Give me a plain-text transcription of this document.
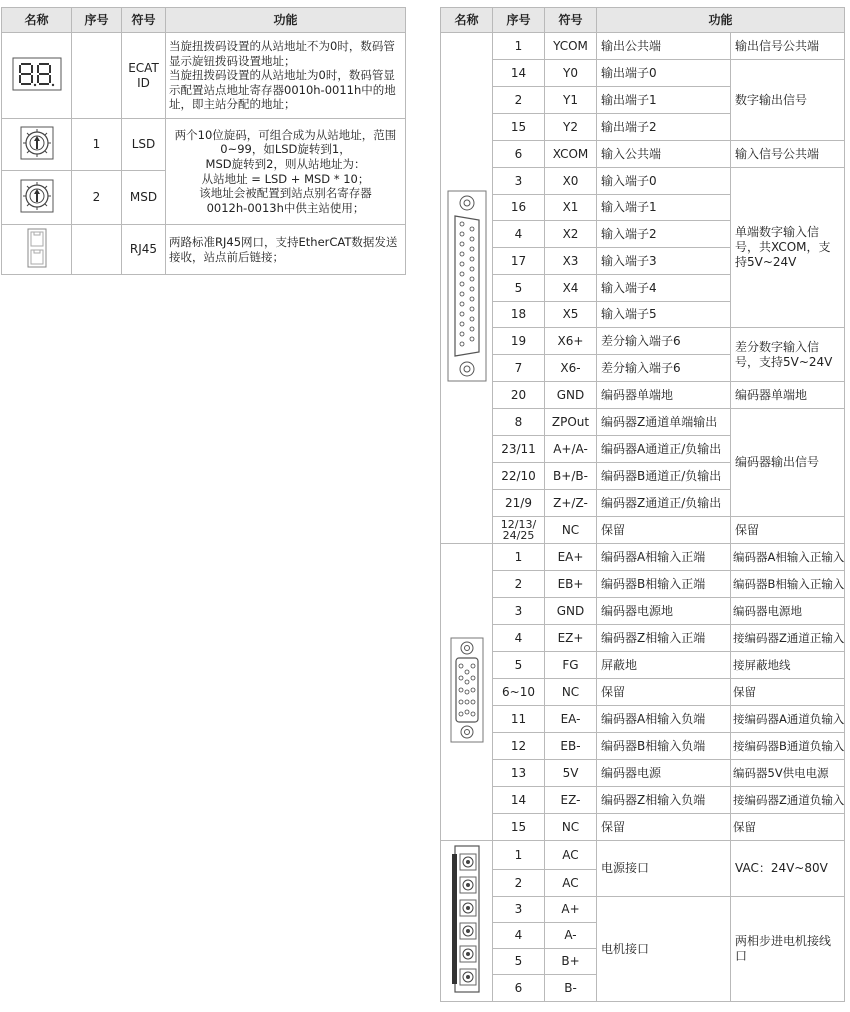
名称	序号	符号	功能
		ECAT ID	当旋扭拨码设置的从站地址不为0时，数码管显示旋钮拨码设置地址；
当旋扭拨码设置的从站地址为0时，数码管显示配置站点地址寄存器0010h-0011h中的地址，即主站分配的地址；
	1	LSD	两个10位旋码，可组合成为从站地址，范围0~99，如LSD旋转到1，
MSD旋转到2，则从站地址为：
从站地址 = LSD + MSD * 10；
该地址会被配置到站点别名寄存器
0012h-0013h中供主站使用；
	2	MSD	
		RJ45	两路标准RJ45网口，支持EtherCAT数据发送接收，站点前后链接；
名称	序号	符号	功能	
	1	YCOM	输出公共端	输出信号公共端
	14	Y0	输出端子0	数字输出信号
	2	Y1	输出端子1	
	15	Y2	输出端子2	
	6	XCOM	输入公共端	输入信号公共端
	3	X0	输入端子0	单端数字输入信号，共XCOM，支持5V~24V
	16	X1	输入端子1	
	4	X2	输入端子2	
	17	X3	输入端子3	
	5	X4	输入端子4	
	18	X5	输入端子5	
	19	X6+	差分输入端子6	差分数字输入信号，支持5V~24V
	7	X6-	差分输入端子6	
	20	GND	编码器单端地	编码器单端地
	8	ZPOut	编码器Z通道单端输出	编码器输出信号
	23/11	A+/A-	编码器A通道正/负输出	
	22/10	B+/B-	编码器B通道正/负输出	
	21/9	Z+/Z-	编码器Z通道正/负输出	
	12/13/
24/25	NC	保留	保留
	1	EA+	编码器A相输入正端	编码器A相输入正输入
	2	EB+	编码器B相输入正端	编码器B相输入正输入
	3	GND	编码器电源地	编码器电源地
	4	EZ+	编码器Z相输入正端	接编码器Z通道正输入
	5	FG	屏蔽地	接屏蔽地线
	6~10	NC	保留	保留
	11	EA-	编码器A相输入负端	接编码器A通道负输入
	12	EB-	编码器B相输入负端	接编码器B通道负输入
	13	5V	编码器电源	编码器5V供电电源
	14	EZ-	编码器Z相输入负端	接编码器Z通道负输入
	15	NC	保留	保留
	1	AC	电源接口	VAC：24V~80V
	2	AC		
	3	A+	电机接口	两相步进电机接线口
	4	A-		
	5	B+		
	6	B-		
